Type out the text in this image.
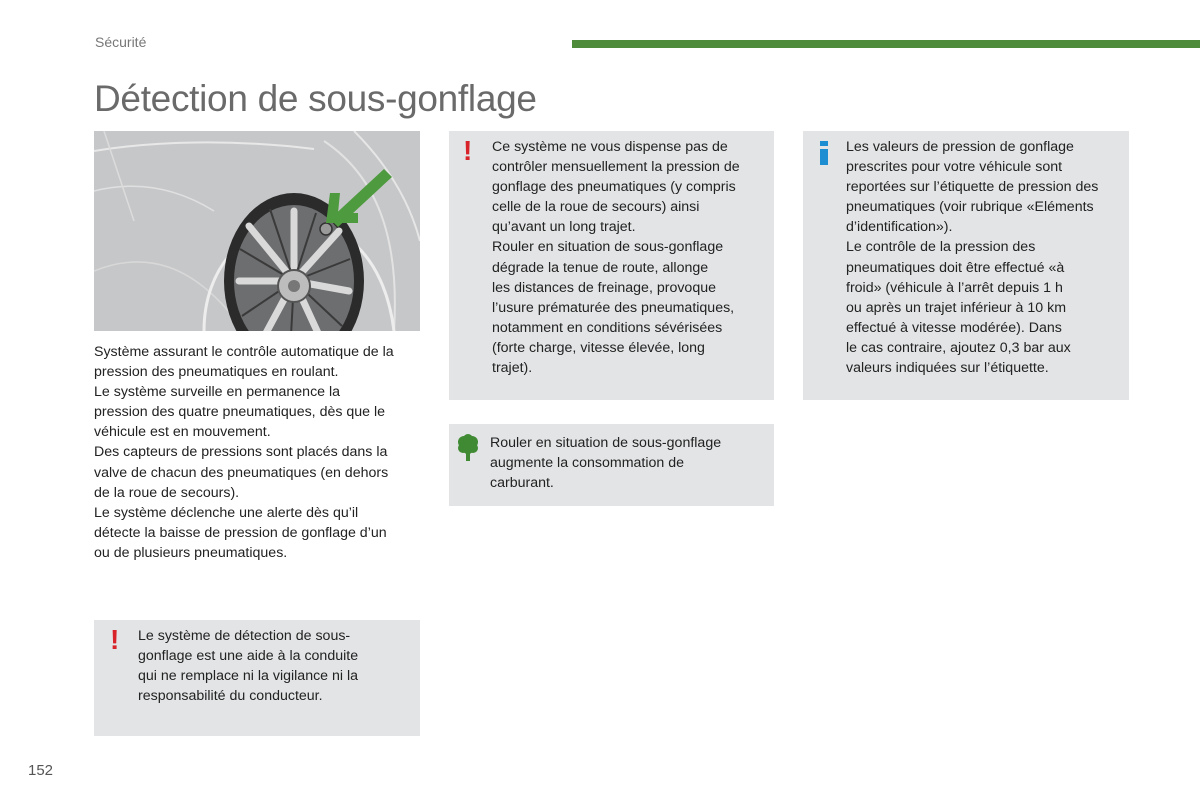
Sécurité
Détection de sous-gonflage

Système assurant le contrôle automatique de la
pression des pneumatiques en roulant.
Le système surveille en permanence la
pression des quatre pneumatiques, dès que le
véhicule est en mouvement.
Des capteurs de pressions sont placés dans la
valve de chacun des pneumatiques (en dehors
de la roue de secours).
Le système déclenche une alerte dès qu’il
détecte la baisse de pression de gonflage d’un
ou de plusieurs pneumatiques.

! Le système de détection de sous-
gonflage est une aide à la conduite
qui ne remplace ni la vigilance ni la
responsabilité du conducteur.

! Ce système ne vous dispense pas de
contrôler mensuellement la pression de
gonflage des pneumatiques (y compris
celle de la roue de secours) ainsi
qu’avant un long trajet.
Rouler en situation de sous-gonflage
dégrade la tenue de route, allonge
les distances de freinage, provoque
l’usure prématurée des pneumatiques,
notamment en conditions sévérisées
(forte charge, vitesse élevée, long
trajet).

Rouler en situation de sous-gonflage
augmente la consommation de
carburant.

Les valeurs de pression de gonflage
prescrites pour votre véhicule sont
reportées sur l’étiquette de pression des
pneumatiques (voir rubrique «Eléments
d’identification»).
Le contrôle de la pression des
pneumatiques doit être effectué «à
froid» (véhicule à l’arrêt depuis 1 h
ou après un trajet inférieur à 10 km
effectué à vitesse modérée). Dans
le cas contraire, ajoutez 0,3 bar aux
valeurs indiquées sur l’étiquette.

152
